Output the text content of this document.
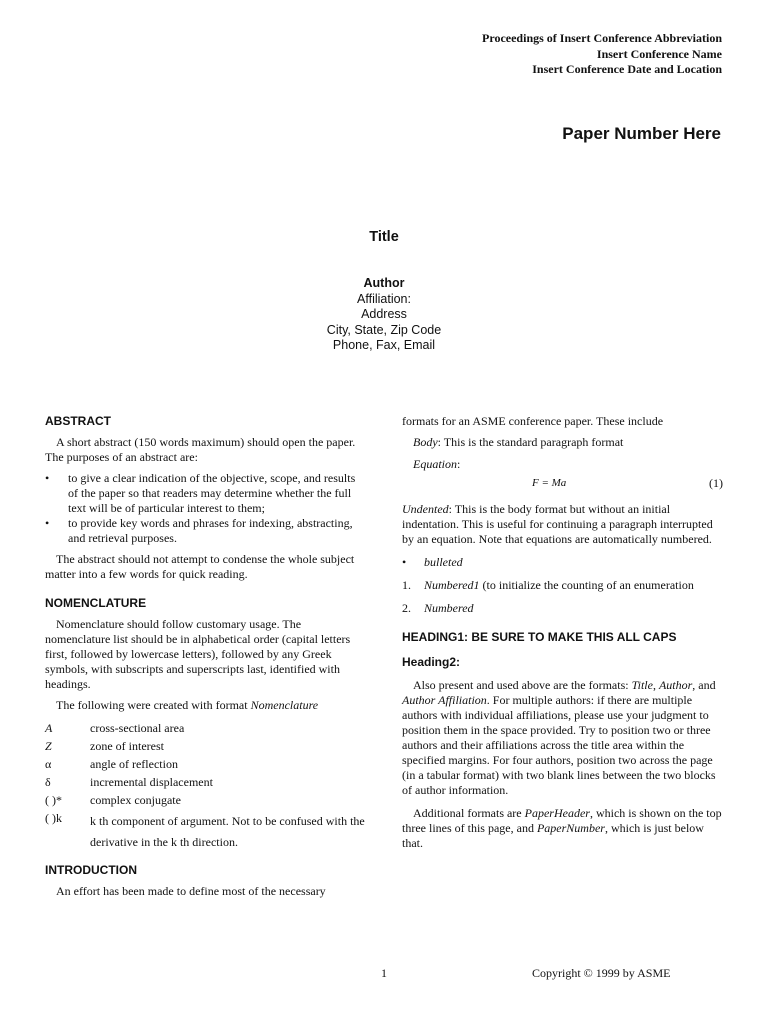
Proceedings of Insert Conference Abbreviation
Insert Conference Name
Insert Conference Date and Location
Paper Number Here
Title
Author
Affiliation:
Address
City, State, Zip Code
Phone, Fax, Email
ABSTRACT

A short abstract (150 words maximum) should open the paper. The purposes of an abstract are:

• to give a clear indication of the objective, scope, and results of the paper so that readers may determine whether the full text will be of particular interest to them;
• to provide key words and phrases for indexing, abstracting, and retrieval purposes.

The abstract should not attempt to condense the whole subject matter into a few words for quick reading.

NOMENCLATURE

Nomenclature should follow customary usage. The nomenclature list should be in alphabetical order (capital letters first, followed by lowercase letters), followed by any Greek symbols, with subscripts and superscripts last, identified with headings.

The following were created with format Nomenclature

A	cross-sectional area
Z	zone of interest
α	angle of reflection
δ	incremental displacement
( )*	complex conjugate
( )k	k th component of argument. Not to be confused with the derivative in the k th direction.
INTRODUCTION

An effort has been made to define most of the necessary

formats for an ASME conference paper. These include

Body: This is the standard paragraph format

Equation:

F = Ma	(1)

Undented: This is the body format but without an initial indentation. This is useful for continuing a paragraph interrupted by an equation. Note that equations are automatically numbered.

• bulleted
1. Numbered1 (to initialize the counting of an enumeration
2. Numbered
HEADING1: BE SURE TO MAKE THIS ALL CAPS
Heading2:

Also present and used above are the formats: Title, Author, and Author Affiliation. For multiple authors: if there are multiple authors with individual affiliations, please use your judgment to position them in the space provided. Try to position two or three authors and their affiliations across the title area within the specified margins. For four authors, position two across the page (in a tabular format) with two blank lines between the two blocks of author information.

Additional formats are PaperHeader, which is shown on the top three lines of this page, and PaperNumber, which is just below that.

1	Copyright © 1999 by ASME
